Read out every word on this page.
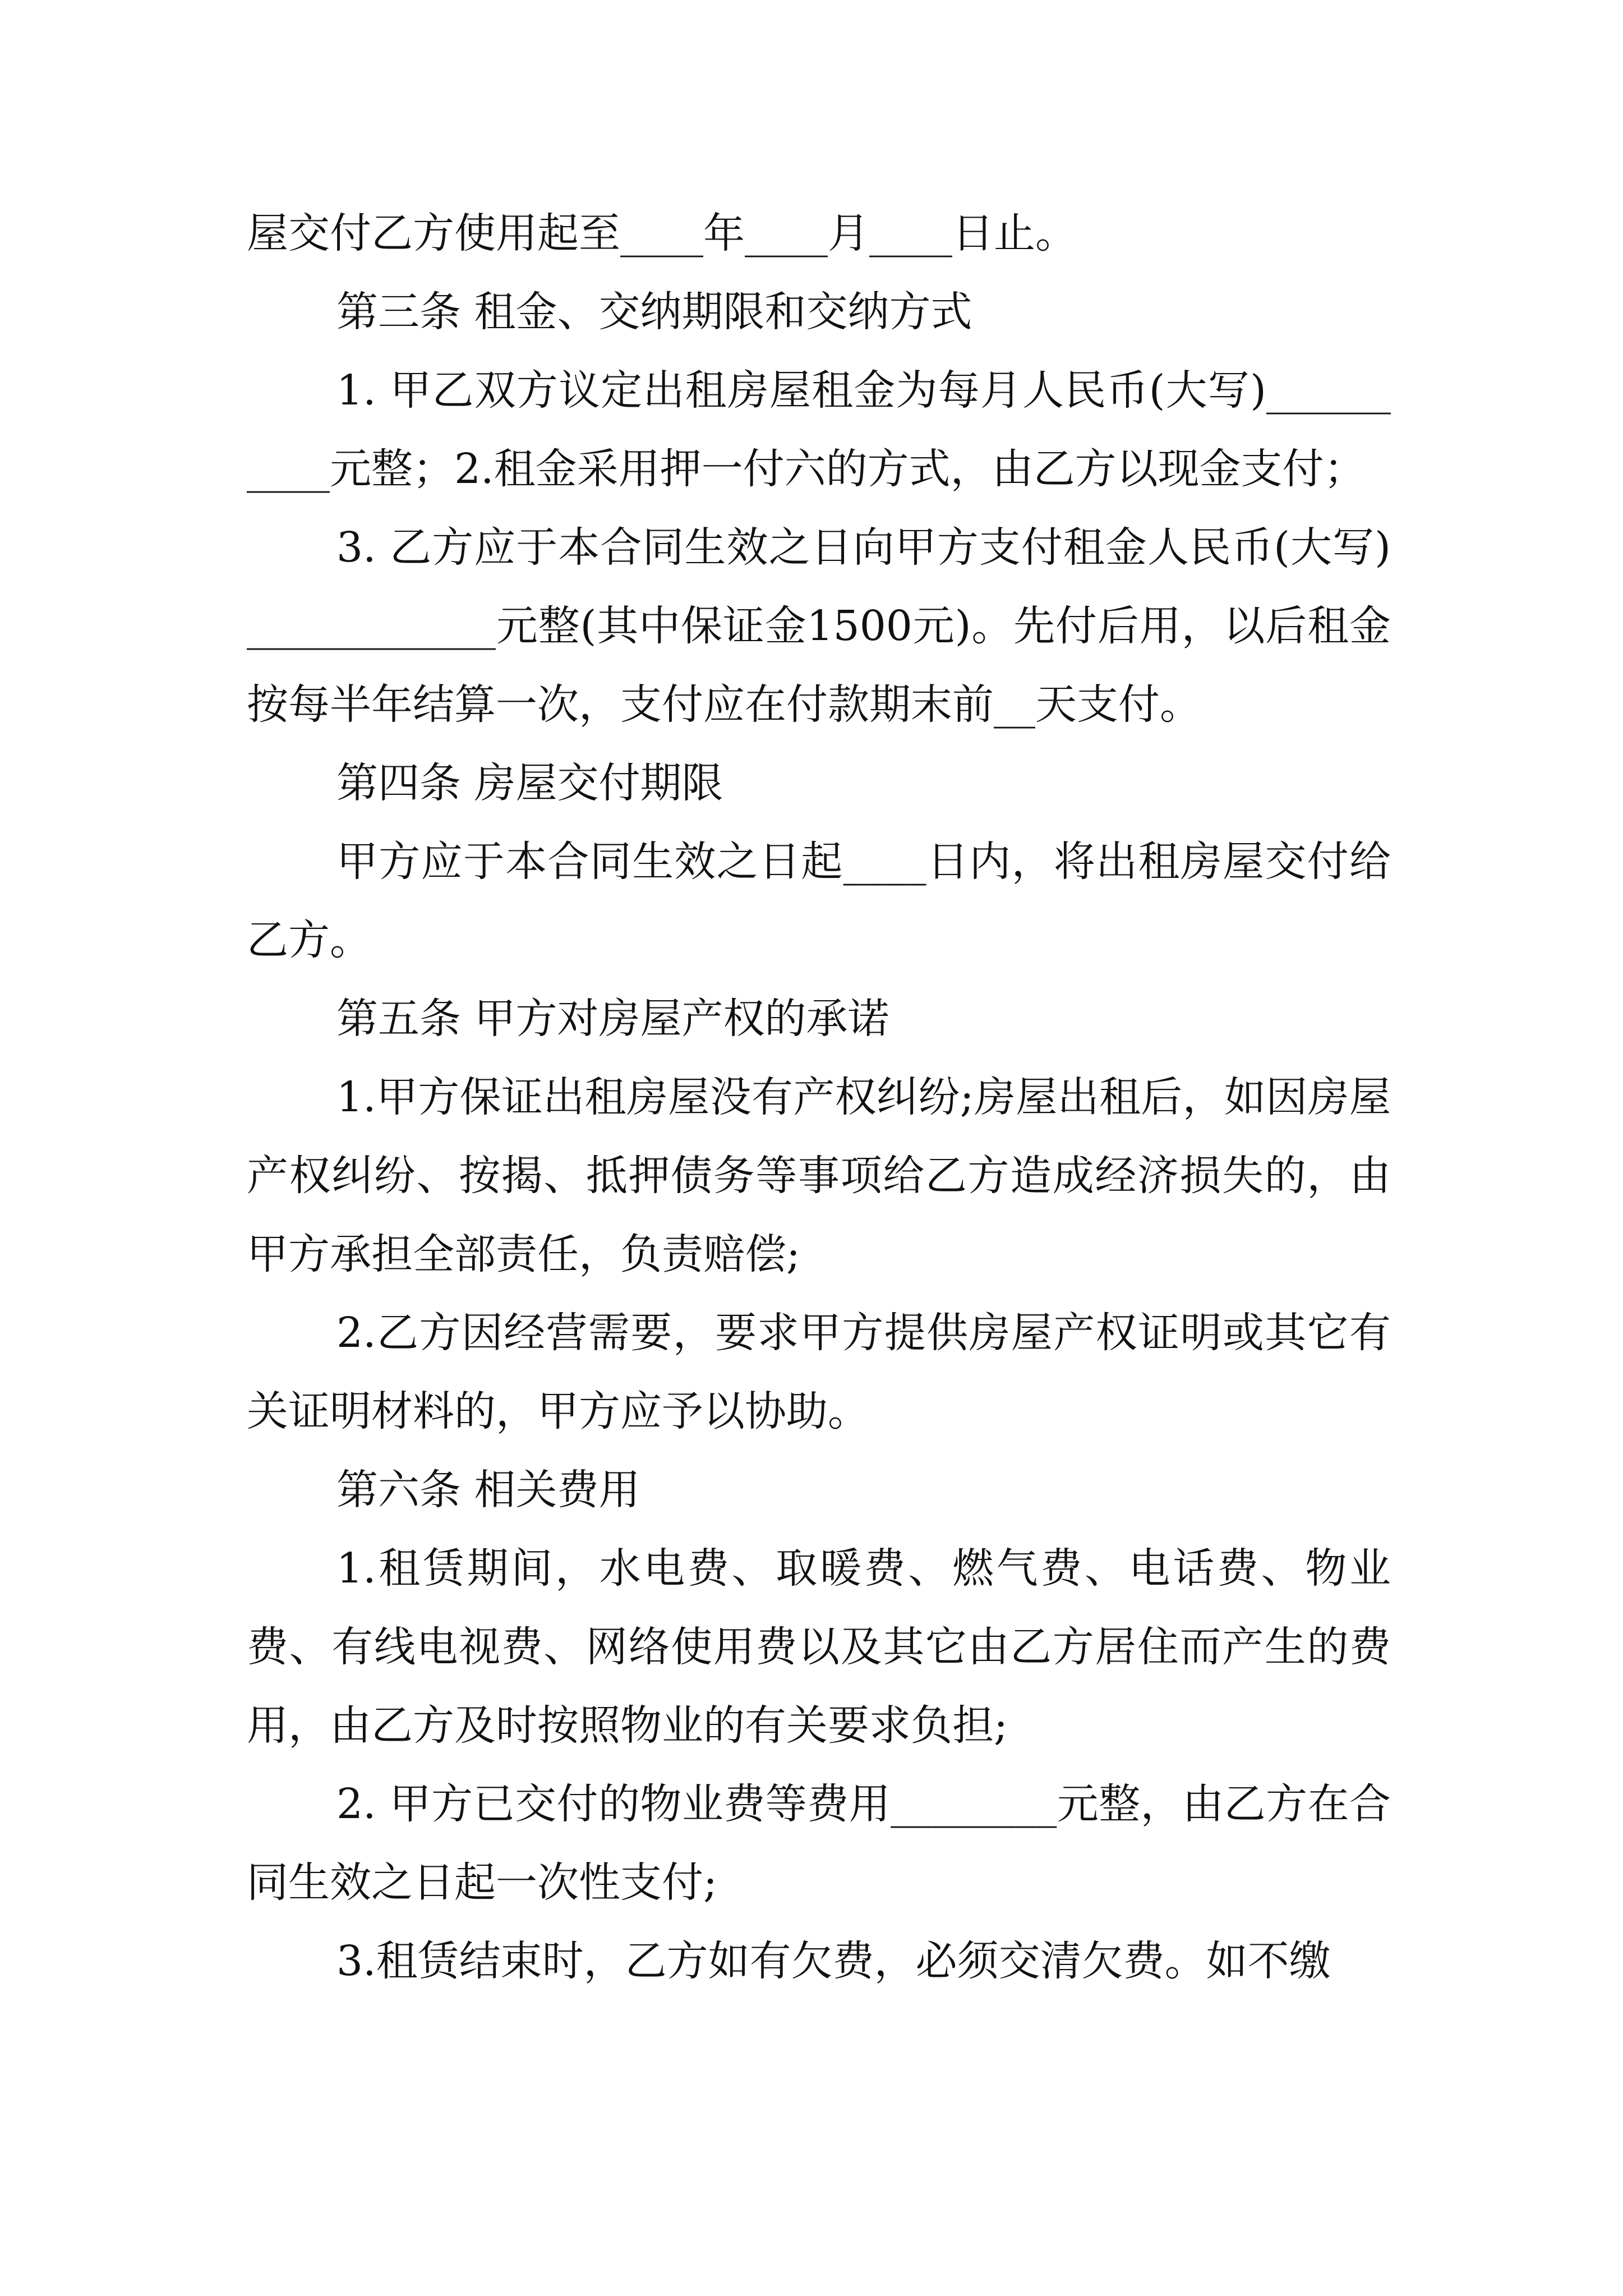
屋交付乙方使用起至____年____月____日止。

第三条 租金、交纳期限和交纳方式

1. 甲乙双方议定出租房屋租金为每月人民币(大写)__________元整；2.租金采用押一付六的方式，由乙方以现金支付；

3. 乙方应于本合同生效之日向甲方支付租金人民币(大写)____________元整(其中保证金1500元)。先付后用，以后租金按每半年结算一次，支付应在付款期末前__天支付。

第四条 房屋交付期限

甲方应于本合同生效之日起____日内，将出租房屋交付给乙方。

第五条 甲方对房屋产权的承诺

1.甲方保证出租房屋没有产权纠纷;房屋出租后，如因房屋产权纠纷、按揭、抵押债务等事项给乙方造成经济损失的，由甲方承担全部责任，负责赔偿;

2.乙方因经营需要，要求甲方提供房屋产权证明或其它有关证明材料的，甲方应予以协助。

第六条 相关费用

1.租赁期间，水电费、取暖费、燃气费、电话费、物业费、有线电视费、网络使用费以及其它由乙方居住而产生的费用，由乙方及时按照物业的有关要求负担;

2. 甲方已交付的物业费等费用________元整，由乙方在合同生效之日起一次性支付;

3.租赁结束时，乙方如有欠费，必须交清欠费。如不缴
